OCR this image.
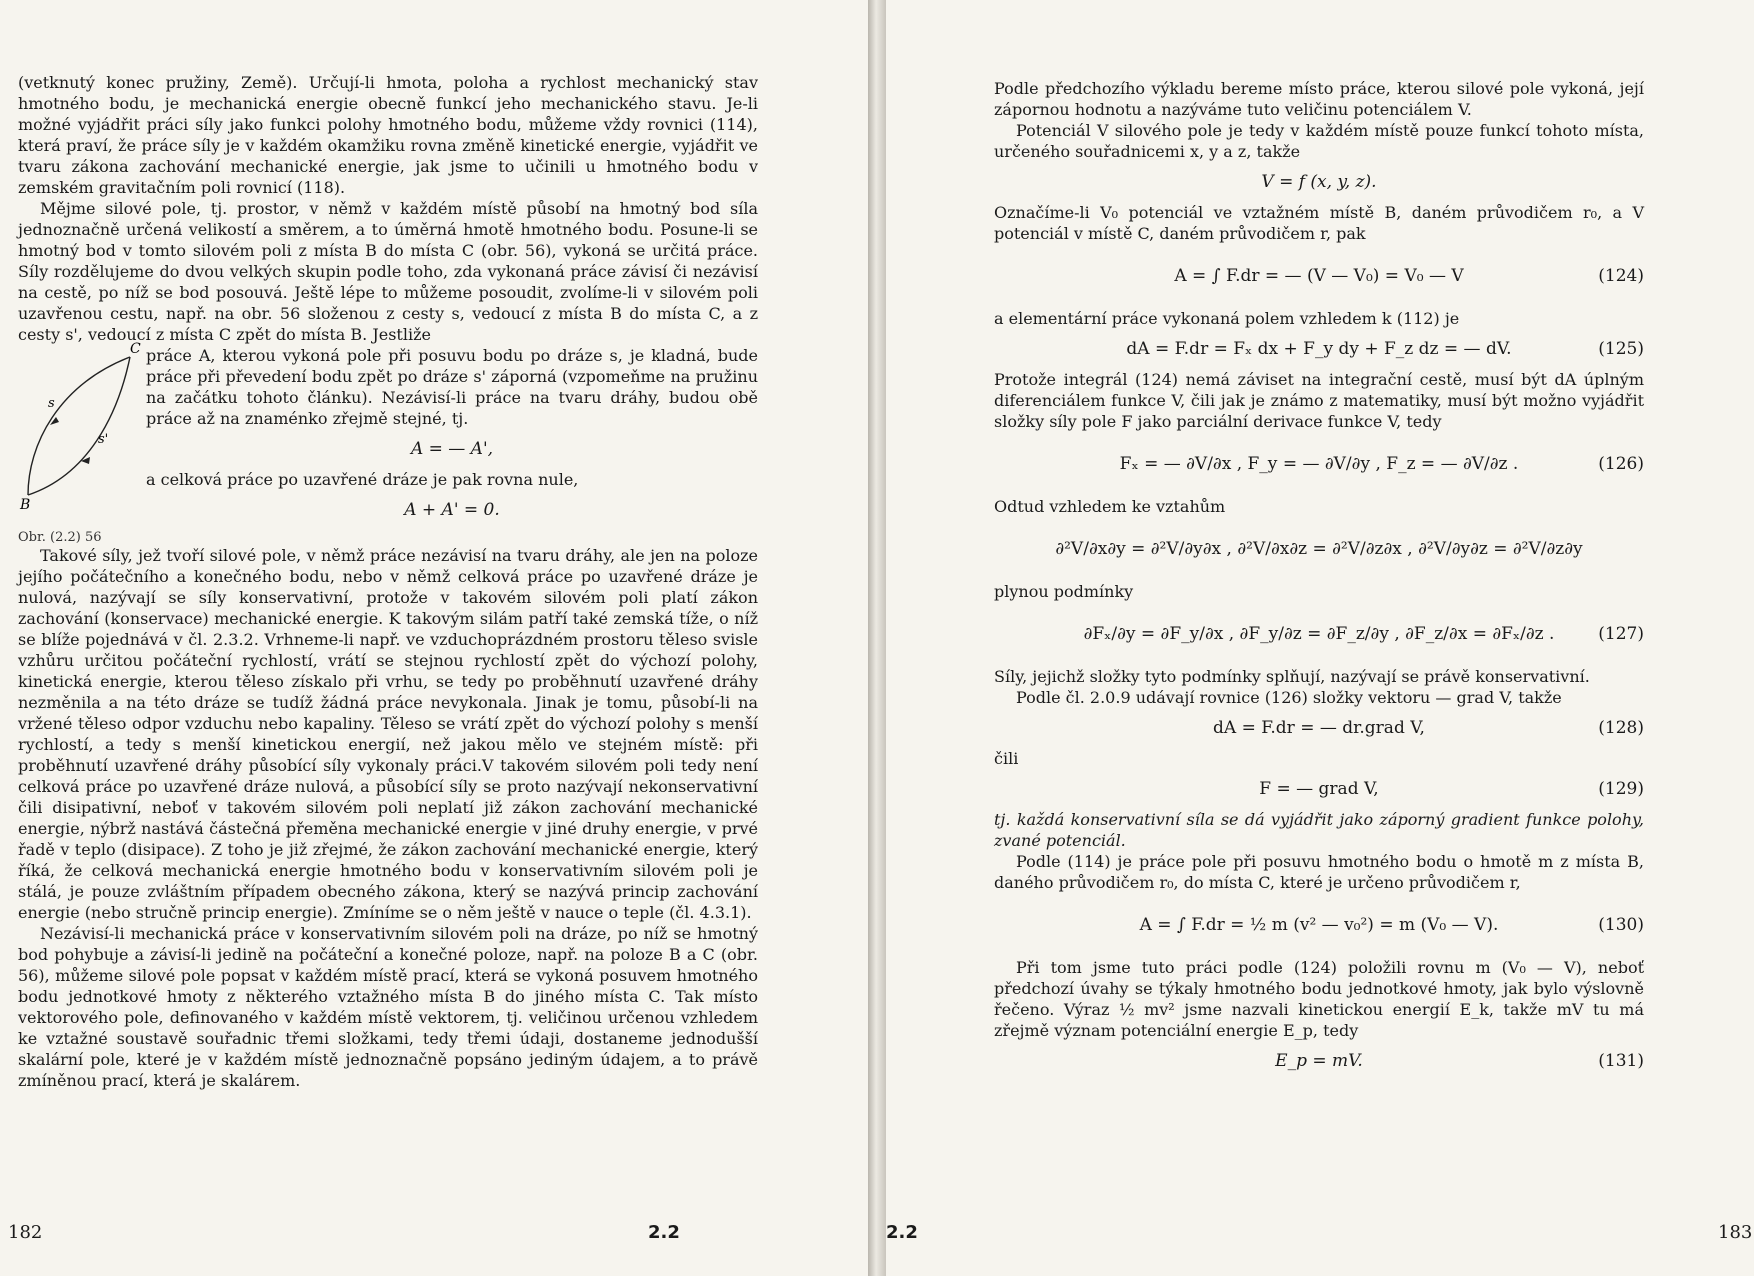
(vetknutý konec pružiny, Země). Určují-li hmota, poloha a rychlost mechanický stav hmotného bodu, je mechanická energie obecně funkcí jeho mechanického stavu. Je-li možné vyjádřit práci síly jako funkci polohy hmotného bodu, můžeme vždy rovnici (114), která praví, že práce síly je v každém okamžiku rovna změně kinetické energie, vyjádřit ve tvaru zákona zachování mechanické energie, jak jsme to učinili u hmotného bodu v zemském gravitačním poli rovnicí (118).

Mějme silové pole, tj. prostor, v němž v každém místě působí na hmotný bod síla jednoznačně určená velikostí a směrem, a to úměrná hmotě hmotného bodu. Posune-li se hmotný bod v tomto silovém poli z místa B do místa C (obr. 56), vykoná se určitá práce. Síly rozdělujeme do dvou velkých skupin podle toho, zda vykonaná práce závisí či nezávisí na cestě, po níž se bod posouvá. Ještě lépe to můžeme posoudit, zvolíme-li v silovém poli uzavřenou cestu, např. na obr. 56 složenou z cesty s, vedoucí z místa B do místa C, a z cesty s', vedoucí z místa C zpět do místa B. Jestliže

C
s
s'
B

práce A, kterou vykoná pole při posuvu bodu po dráze s, je kladná, bude práce při převedení bodu zpět po dráze s' záporná (vzpomeňme na pružinu na začátku tohoto článku). Nezávisí-li práce na tvaru dráhy, budou obě práce až na znaménko zřejmě stejné, tj.

A = — A',

a celková práce po uzavřené dráze je pak rovna nule,

A + A' = 0.
Obr. (2.2) 56

Takové síly, jež tvoří silové pole, v němž práce nezávisí na tvaru dráhy, ale jen na poloze jejího počátečního a konečného bodu, nebo v němž celková práce po uzavřené dráze je nulová, nazývají se síly konservativní, protože v takovém silovém poli platí zákon zachování (konservace) mechanické energie. K takovým silám patří také zemská tíže, o níž se blíže pojednává v čl. 2.3.2. Vrhneme-li např. ve vzduchoprázdném prostoru těleso svisle vzhůru určitou počáteční rychlostí, vrátí se stejnou rychlostí zpět do výchozí polohy, kinetická energie, kterou těleso získalo při vrhu, se tedy po proběhnutí uzavřené dráhy nezměnila a na této dráze se tudíž žádná práce nevykonala. Jinak je tomu, působí-li na vržené těleso odpor vzduchu nebo kapaliny. Těleso se vrátí zpět do výchozí polohy s menší rychlostí, a tedy s menší kinetickou energií, než jakou mělo ve stejném místě: při proběhnutí uzavřené dráhy působící síly vykonaly práci.V takovém silovém poli tedy není celková práce po uzavřené dráze nulová, a působící síly se proto nazývají nekonservativní čili disipativní, neboť v takovém silovém poli neplatí již zákon zachování mechanické energie, nýbrž nastává částečná přeměna mechanické energie v jiné druhy energie, v prvé řadě v teplo (disipace). Z toho je již zřejmé, že zákon zachování mechanické energie, který říká, že celková mechanická energie hmotného bodu v konservativním silovém poli je stálá, je pouze zvláštním případem obecného zákona, který se nazývá princip zachování energie (nebo stručně princip energie). Zmíníme se o něm ještě v nauce o teple (čl. 4.3.1).

Nezávisí-li mechanická práce v konservativním silovém poli na dráze, po níž se hmotný bod pohybuje a závisí-li jedině na počáteční a konečné poloze, např. na poloze B a C (obr. 56), můžeme silové pole popsat v každém místě prací, která se vykoná posuvem hmotného bodu jednotkové hmoty z některého vztažného místa B do jiného místa C. Tak místo vektorového pole, definovaného v každém místě vektorem, tj. veličinou určenou vzhledem ke vztažné soustavě souřadnic třemi složkami, tedy třemi údaji, dostaneme jednodušší skalární pole, které je v každém místě jednoznačně popsáno jediným údajem, a to právě zmíněnou prací, která je skalárem.

182	2.2

Podle předchozího výkladu bereme místo práce, kterou silové pole vykoná, její zápornou hodnotu a nazýváme tuto veličinu potenciálem V.

Potenciál V silového pole je tedy v každém místě pouze funkcí tohoto místa, určeného souřadnicemi x, y a z, takže

V = f (x, y, z).

Označíme-li V₀ potenciál ve vztažném místě B, daném průvodičem r₀, a V potenciál v místě C, daném průvodičem r, pak

A = ∫ F.dr = — (V — V₀) = V₀ — V	(124)

a elementární práce vykonaná polem vzhledem k (112) je

dA = F.dr = Fₓ dx + F_y dy + F_z dz = — dV.	(125)

Protože integrál (124) nemá záviset na integrační cestě, musí být dA úplným diferenciálem funkce V, čili jak je známo z matematiky, musí být možno vyjádřit složky síly pole F jako parciální derivace funkce V, tedy

Fₓ = — ∂V/∂x , F_y = — ∂V/∂y , F_z = — ∂V/∂z .	(126)

Odtud vzhledem ke vztahům

∂²V/∂x∂y = ∂²V/∂y∂x , ∂²V/∂x∂z = ∂²V/∂z∂x , ∂²V/∂y∂z = ∂²V/∂z∂y

plynou podmínky

∂Fₓ/∂y = ∂F_y/∂x , ∂F_y/∂z = ∂F_z/∂y , ∂F_z/∂x = ∂Fₓ/∂z .	(127)

Síly, jejichž složky tyto podmínky splňují, nazývají se právě konservativní.

Podle čl. 2.0.9 udávají rovnice (126) složky vektoru — grad V, takže

dA = F.dr = — dr.grad V,	(128)

čili

F = — grad V,	(129)

tj. každá konservativní síla se dá vyjádřit jako záporný gradient funkce polohy, zvané potenciál.

Podle (114) je práce pole při posuvu hmotného bodu o hmotě m z místa B, daného průvodičem r₀, do místa C, které je určeno průvodičem r,

A = ∫ F.dr = ½ m (v² — v₀²) = m (V₀ — V).	(130)

Při tom jsme tuto práci podle (124) položili rovnu m (V₀ — V), neboť předchozí úvahy se týkaly hmotného bodu jednotkové hmoty, jak bylo výslovně řečeno. Výraz ½ mv² jsme nazvali kinetickou energií E_k, takže mV tu má zřejmě význam potenciální energie E_p, tedy

E_p = mV.	(131)
2.2	183
